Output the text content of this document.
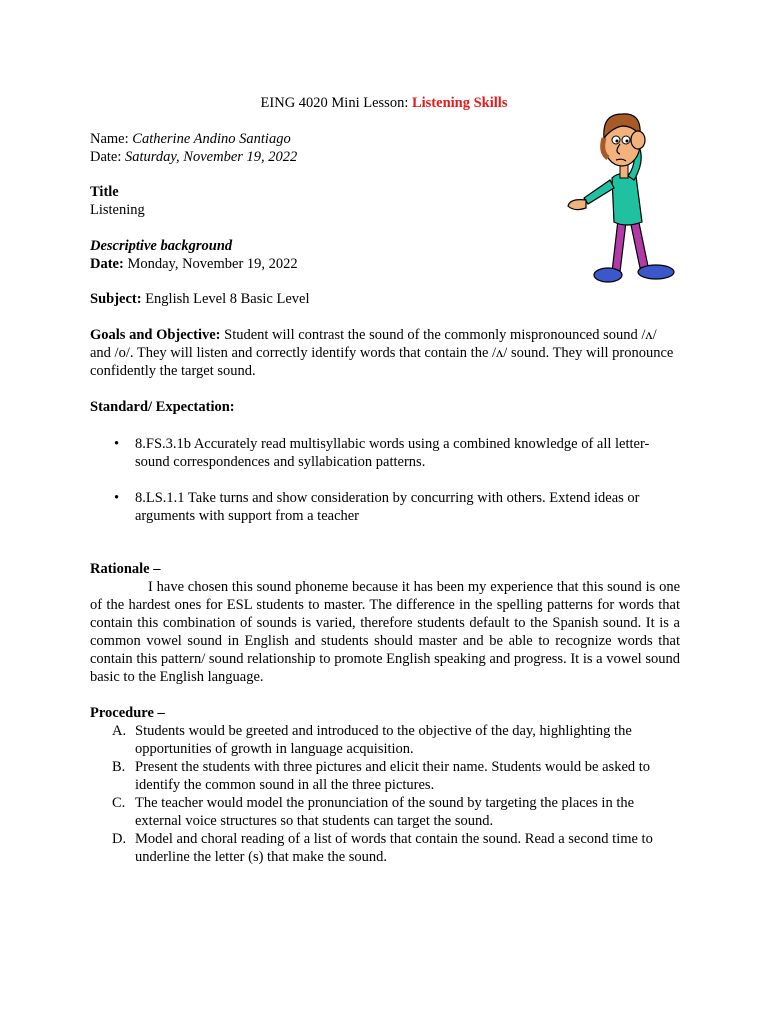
EING 4020 Mini Lesson: Listening Skills
Name: Catherine Andino Santiago
Date: Saturday, November 19, 2022
Title
Listening
Descriptive background
Date: Monday, November 19, 2022
Subject: English Level 8 Basic Level
Goals and Objective: Student will contrast the sound of the commonly mispronounced sound /ʌ/ and /o/. They will listen and correctly identify words that contain the /ʌ/ sound. They will pronounce confidently the target sound.
Standard/ Expectation:
• 8.FS.3.1b Accurately read multisyllabic words using a combined knowledge of all letter-sound correspondences and syllabication patterns.
• 8.LS.1.1 Take turns and show consideration by concurring with others. Extend ideas or arguments with support from a teacher
Rationale –
I have chosen this sound phoneme because it has been my experience that this sound is one of the hardest ones for ESL students to master. The difference in the spelling patterns for words that contain this combination of sounds is varied, therefore students default to the Spanish sound. It is a common vowel sound in English and students should master and be able to recognize words that contain this pattern/ sound relationship to promote English speaking and progress. It is a vowel sound basic to the English language.
Procedure –
A. Students would be greeted and introduced to the objective of the day, highlighting the opportunities of growth in language acquisition.
B. Present the students with three pictures and elicit their name. Students would be asked to identify the common sound in all the three pictures.
C. The teacher would model the pronunciation of the sound by targeting the places in the external voice structures so that students can target the sound.
D. Model and choral reading of a list of words that contain the sound. Read a second time to underline the letter (s) that make the sound.
